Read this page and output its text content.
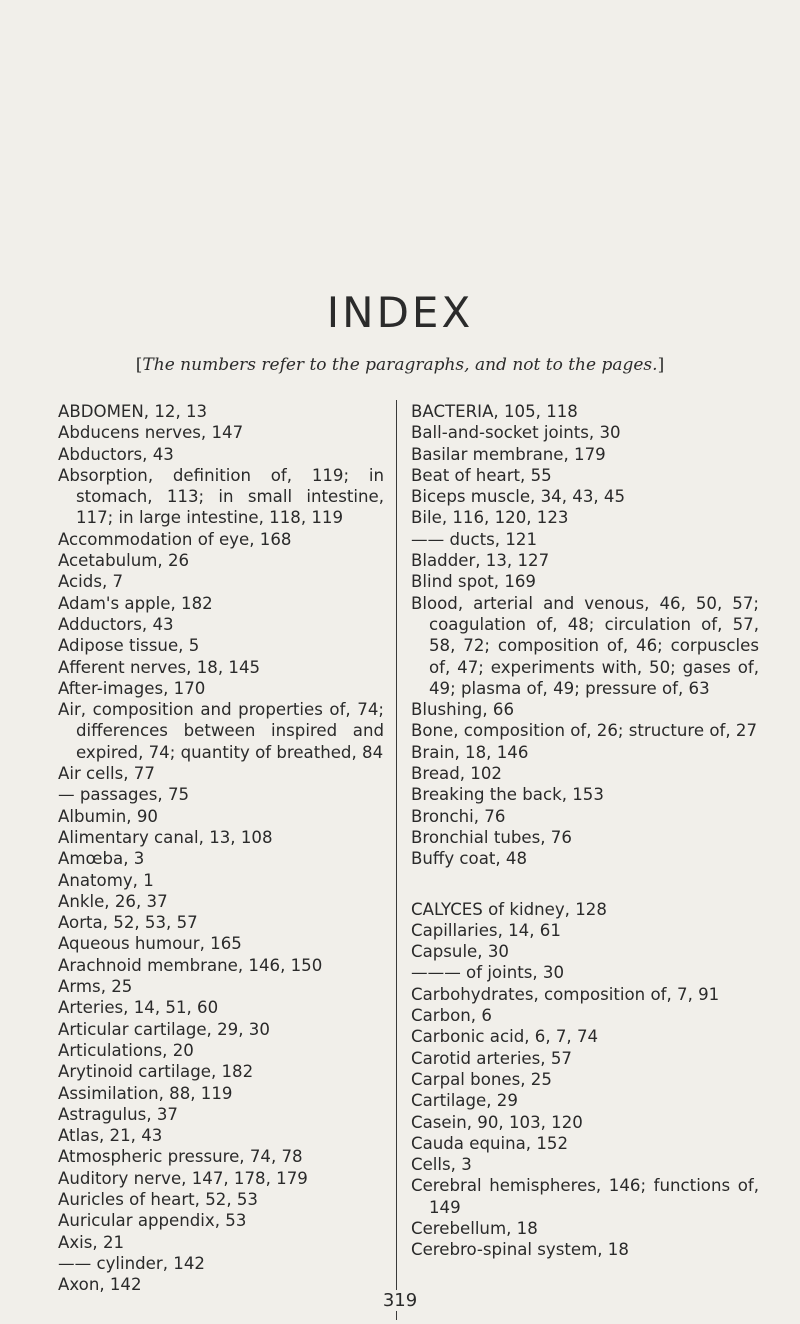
INDEX
[The numbers refer to the paragraphs, and not to the pages.]
ABDOMEN, 12, 13
Abducens nerves, 147
Abductors, 43
Absorption, definition of, 119; in stomach, 113; in small intestine, 117; in large intestine, 118, 119
Accommodation of eye, 168
Acetabulum, 26
Acids, 7
Adam's apple, 182
Adductors, 43
Adipose tissue, 5
Afferent nerves, 18, 145
After-images, 170
Air, composition and properties of, 74; differences between inspired and expired, 74; quantity of breathed, 84
Air cells, 77
— passages, 75
Albumin, 90
Alimentary canal, 13, 108
Amœba, 3
Anatomy, 1
Ankle, 26, 37
Aorta, 52, 53, 57
Aqueous humour, 165
Arachnoid membrane, 146, 150
Arms, 25
Arteries, 14, 51, 60
Articular cartilage, 29, 30
Articulations, 20
Arytinoid cartilage, 182
Assimilation, 88, 119
Astragulus, 37
Atlas, 21, 43
Atmospheric pressure, 74, 78
Auditory nerve, 147, 178, 179
Auricles of heart, 52, 53
Auricular appendix, 53
Axis, 21
—— cylinder, 142
Axon, 142
BACTERIA, 105, 118
Ball-and-socket joints, 30
Basilar membrane, 179
Beat of heart, 55
Biceps muscle, 34, 43, 45
Bile, 116, 120, 123
—— ducts, 121
Bladder, 13, 127
Blind spot, 169
Blood, arterial and venous, 46, 50, 57; coagulation of, 48; circulation of, 57, 58, 72; composition of, 46; corpuscles of, 47; experiments with, 50; gases of, 49; plasma of, 49; pressure of, 63
Blushing, 66
Bone, composition of, 26; structure of, 27
Brain, 18, 146
Bread, 102
Breaking the back, 153
Bronchi, 76
Bronchial tubes, 76
Buffy coat, 48
CALYCES of kidney, 128
Capillaries, 14, 61
Capsule, 30
——— of joints, 30
Carbohydrates, composition of, 7, 91
Carbon, 6
Carbonic acid, 6, 7, 74
Carotid arteries, 57
Carpal bones, 25
Cartilage, 29
Casein, 90, 103, 120
Cauda equina, 152
Cells, 3
Cerebral hemispheres, 146; functions of, 149
Cerebellum, 18
Cerebro-spinal system, 18
319
